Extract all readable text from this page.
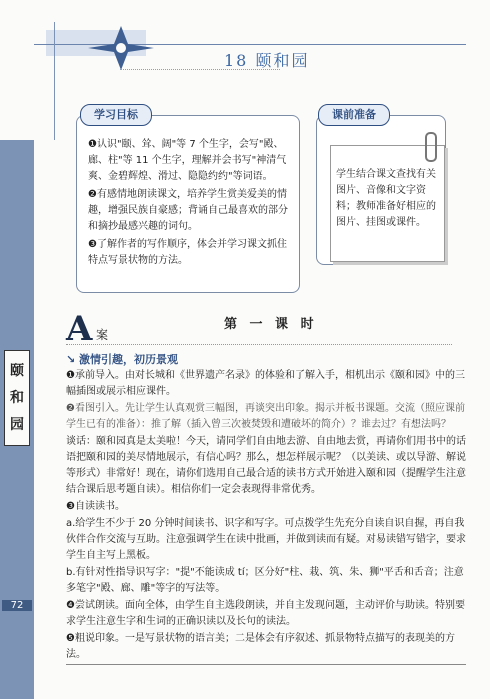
颐
和
园
72
18 颐和园
学习目标

❶认识"颐、耸、阔"等 7 个生字，会写"殿、廊、柱"等 11 个生字，理解并会书写"神清气爽、金碧辉煌、滑过、隐隐约约"等词语。

❷有感情地朗读课文，培养学生赏美爱美的情趣，增强民族自豪感；背诵自己最喜欢的部分和摘抄最感兴趣的词句。

❸了解作者的写作顺序，体会并学习课文抓住特点写景状物的方法。

课前准备
学生结合课文查找有关图片、音像和文字资料；教师准备好相应的图片、挂图或课件。
A 案
第 一 课 时
↘ 激情引趣，初历景观

❶承前导入。由对长城和《世界遗产名录》的体验和了解入手，相机出示《颐和园》中的三幅插图或展示相应课件。

❷看图引入。先让学生认真观赏三幅图，再谈突出印象。揭示并板书课题。交流（照应课前学生已有的准备）：推了解（插入曾三次被焚毁和遭破坏的简介）？谁去过？有想法吗？

谈话：颐和园真是太美啦！今天，请同学们自由地去游、自由地去赏，再请你们用书中的话语把颐和园的美尽情地展示，有信心吗？那么，想怎样展示呢？（以美读、或以导游、解说等形式）非常好！现在，请你们选用自己最合适的读书方式开始进入颐和园（提醒学生注意结合课后思考题自读）。相信你们一定会表现得非常优秀。

❸自读读书。

a.给学生不少于 20 分钟时间读书、识字和写字。可点拨学生先充分自读自识自握，再自我伙伴合作交流与互助。注意强调学生在读中批画，并做到读而有疑。对易读错写错字，要求学生自主写上黑板。

b.有针对性指导识写字："提"不能读成 tí；区分好"柱、栽、筑、朱、狮"平舌和舌音；注意多笔字"殿、廊、雕"等字的写法等。

❹尝试朗读。面向全体，由学生自主选段朗读，并自主发现问题，主动评价与助读。特别要求学生注意生字和生词的正确识读以及长句的读法。

❺粗说印象。一是写景状物的语言美；二是体会有序叙述、抓景物特点描写的表现美的方法。
